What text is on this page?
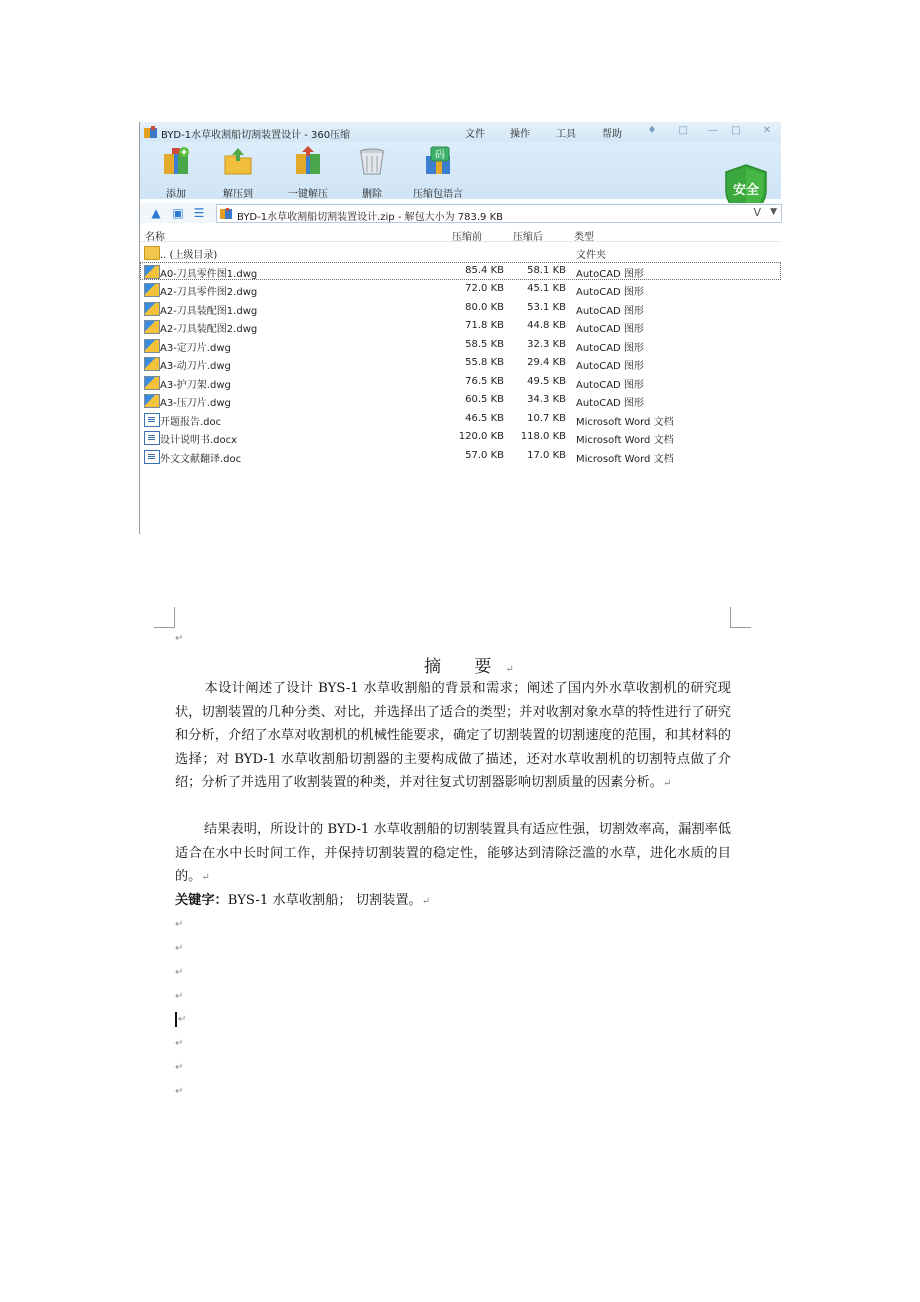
BYD-1水草收割船切割装置设计 - 360压缩	文件	操作	工具	帮助	♦ □ — □ ✕
添加	解压到	一键解压	删除
码
压缩包语言	安全
▲ ▣ ☰	BYD-1水草收割船切割装置设计.zip - 解包大小为 783.9 KB	V ▼
名称	压缩前	压缩后	类型
.. (上级目录)	文件夹
A0-刀具零件图1.dwg	85.4 KB 58.1 KB AutoCAD 图形
A2-刀具零件图2.dwg	72.0 KB 45.1 KB AutoCAD 图形
A2-刀具装配图1.dwg	80.0 KB 53.1 KB AutoCAD 图形
A2-刀具装配图2.dwg	71.8 KB 44.8 KB AutoCAD 图形
A3-定刀片.dwg	58.5 KB 32.3 KB AutoCAD 图形
A3-动刀片.dwg	55.8 KB 29.4 KB AutoCAD 图形
A3-护刀架.dwg	76.5 KB 49.5 KB AutoCAD 图形
A3-压刀片.dwg	60.5 KB 34.3 KB AutoCAD 图形
开题报告.doc	46.5 KB 10.7 KB Microsoft Word 文档
设计说明书.docx	120.0 KB 118.0 KB Microsoft Word 文档
外文文献翻译.doc	57.0 KB 17.0 KB Microsoft Word 文档
↵
摘 要↵
本设计阐述了设计 BYS-1 水草收割船的背景和需求；阐述了国内外水草收割机的研究现状，切割装置的几种分类、对比，并选择出了适合的类型；并对收割对象水草的特性进行了研究和分析，介绍了水草对收割机的机械性能要求，确定了切割装置的切割速度的范围，和其材料的选择；对 BYD-1 水草收割船切割器的主要构成做了描述，还对水草收割机的切割特点做了介绍；分析了并选用了收割装置的种类，并对往复式切割器影响切割质量的因素分析。↵
结果表明，所设计的 BYD-1 水草收割船的切割装置具有适应性强，切割效率高，漏割率低适合在水中长时间工作，并保持切割装置的稳定性，能够达到清除泛滥的水草，进化水质的目的。↵
关键字：BYS-1 水草收割船； 切割装置。↵
↵
↵
↵
↵
↵
↵
↵
↵
